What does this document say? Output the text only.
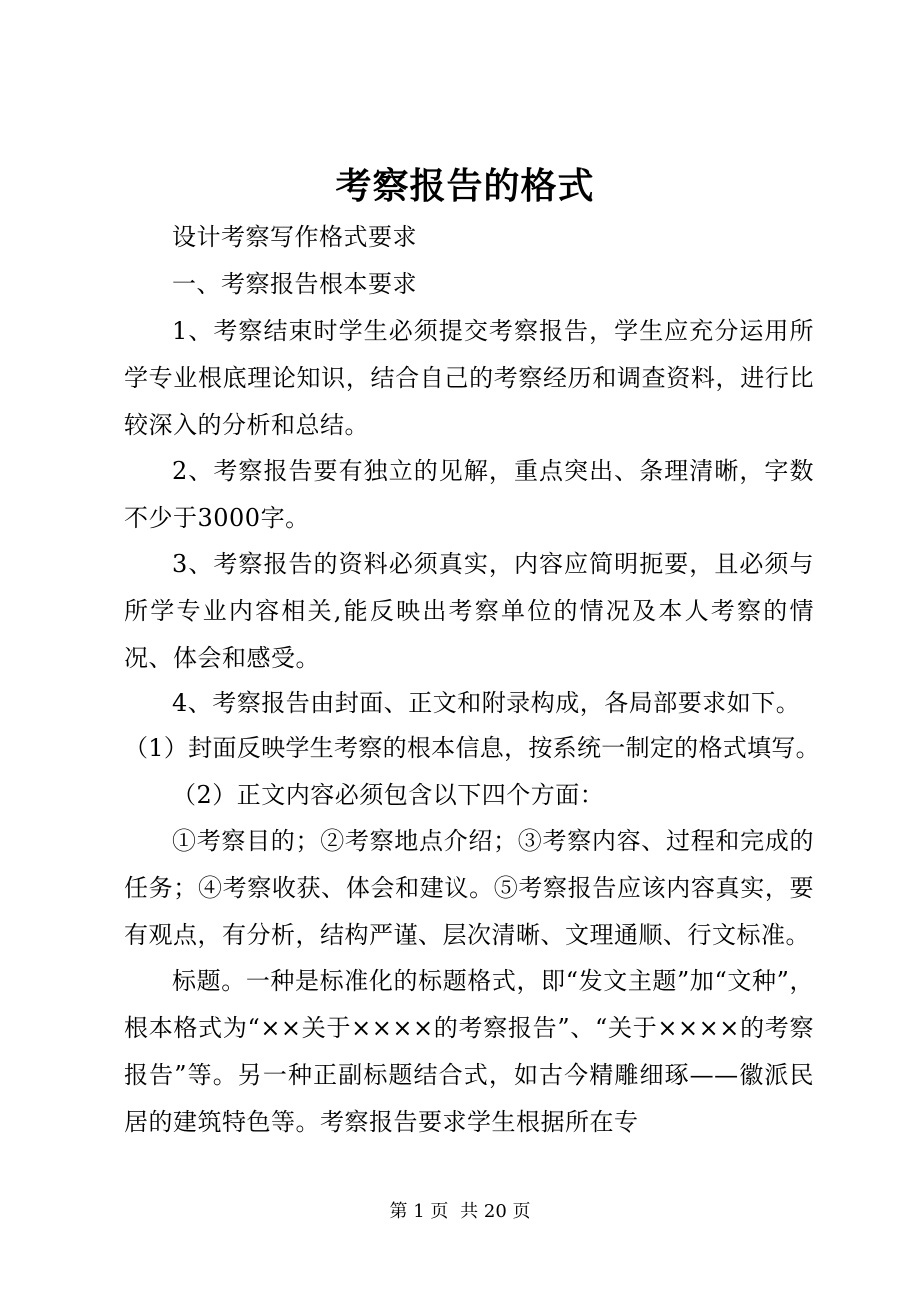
考察报告的格式

设计考察写作格式要求

一、考察报告根本要求

1、考察结束时学生必须提交考察报告，学生应充分运用所学专业根底理论知识，结合自己的考察经历和调查资料，进行比较深入的分析和总结。

2、考察报告要有独立的见解，重点突出、条理清晰，字数不少于3000字。

3、考察报告的资料必须真实，内容应简明扼要，且必须与所学专业内容相关,能反映出考察单位的情况及本人考察的情况、体会和感受。

4、考察报告由封面、正文和附录构成，各局部要求如下。

（1）封面反映学生考察的根本信息，按系统一制定的格式填写。

（2）正文内容必须包含以下四个方面：

①考察目的；②考察地点介绍；③考察内容、过程和完成的任务；④考察收获、体会和建议。⑤考察报告应该内容真实，要有观点，有分析，结构严谨、层次清晰、文理通顺、行文标准。

标题。一种是标准化的标题格式，即“发文主题”加“文种”，根本格式为“××关于××××的考察报告”、“关于××××的考察报告”等。另一种正副标题结合式，如古今精雕细琢——徽派民居的建筑特色等。考察报告要求学生根据所在专

第 1 页 共 20 页
